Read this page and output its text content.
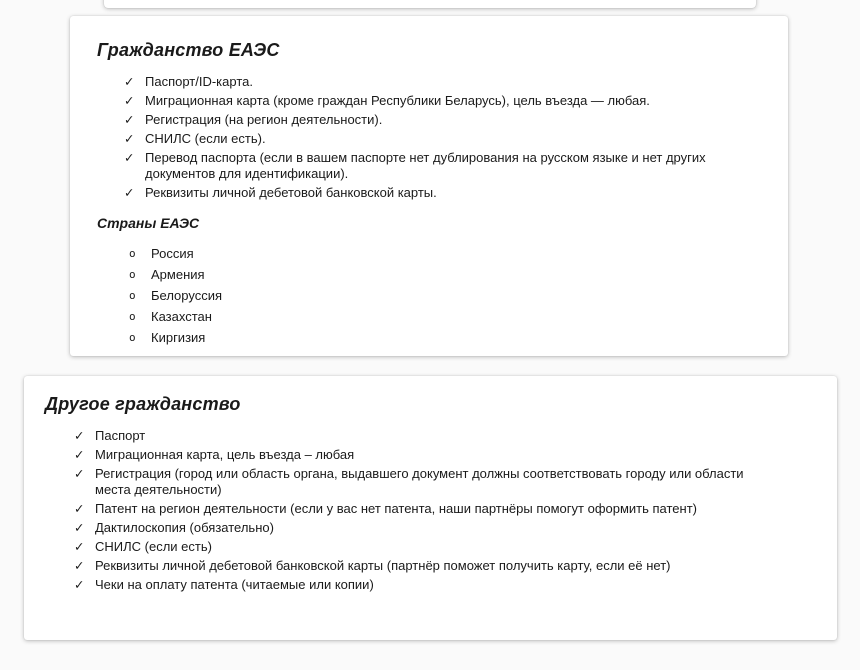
Гражданство ЕАЭС
✓ Паспорт/ID-карта.
✓ Миграционная карта (кроме граждан Республики Беларусь), цель въезда — любая.
✓ Регистрация (на регион деятельности).
✓ СНИЛС (если есть).
✓ Перевод паспорта (если в вашем паспорте нет дублирования на русском языке и нет других документов для идентификации).
✓ Реквизиты личной дебетовой банковской карты.
Страны ЕАЭС
o	Россия
o	Армения
o	Белоруссия
o	Казахстан
o	Киргизия
Другое гражданство
✓ Паспорт
✓ Миграционная карта, цель въезда – любая
✓ Регистрация (город или область органа, выдавшего документ должны соответствовать городу или области места деятельности)
✓ Патент на регион деятельности (если у вас нет патента, наши партнёры помогут оформить патент)
✓ Дактилоскопия (обязательно)
✓ СНИЛС (если есть)
✓ Реквизиты личной дебетовой банковской карты (партнёр поможет получить карту, если её нет)
✓ Чеки на оплату патента (читаемые или копии)
